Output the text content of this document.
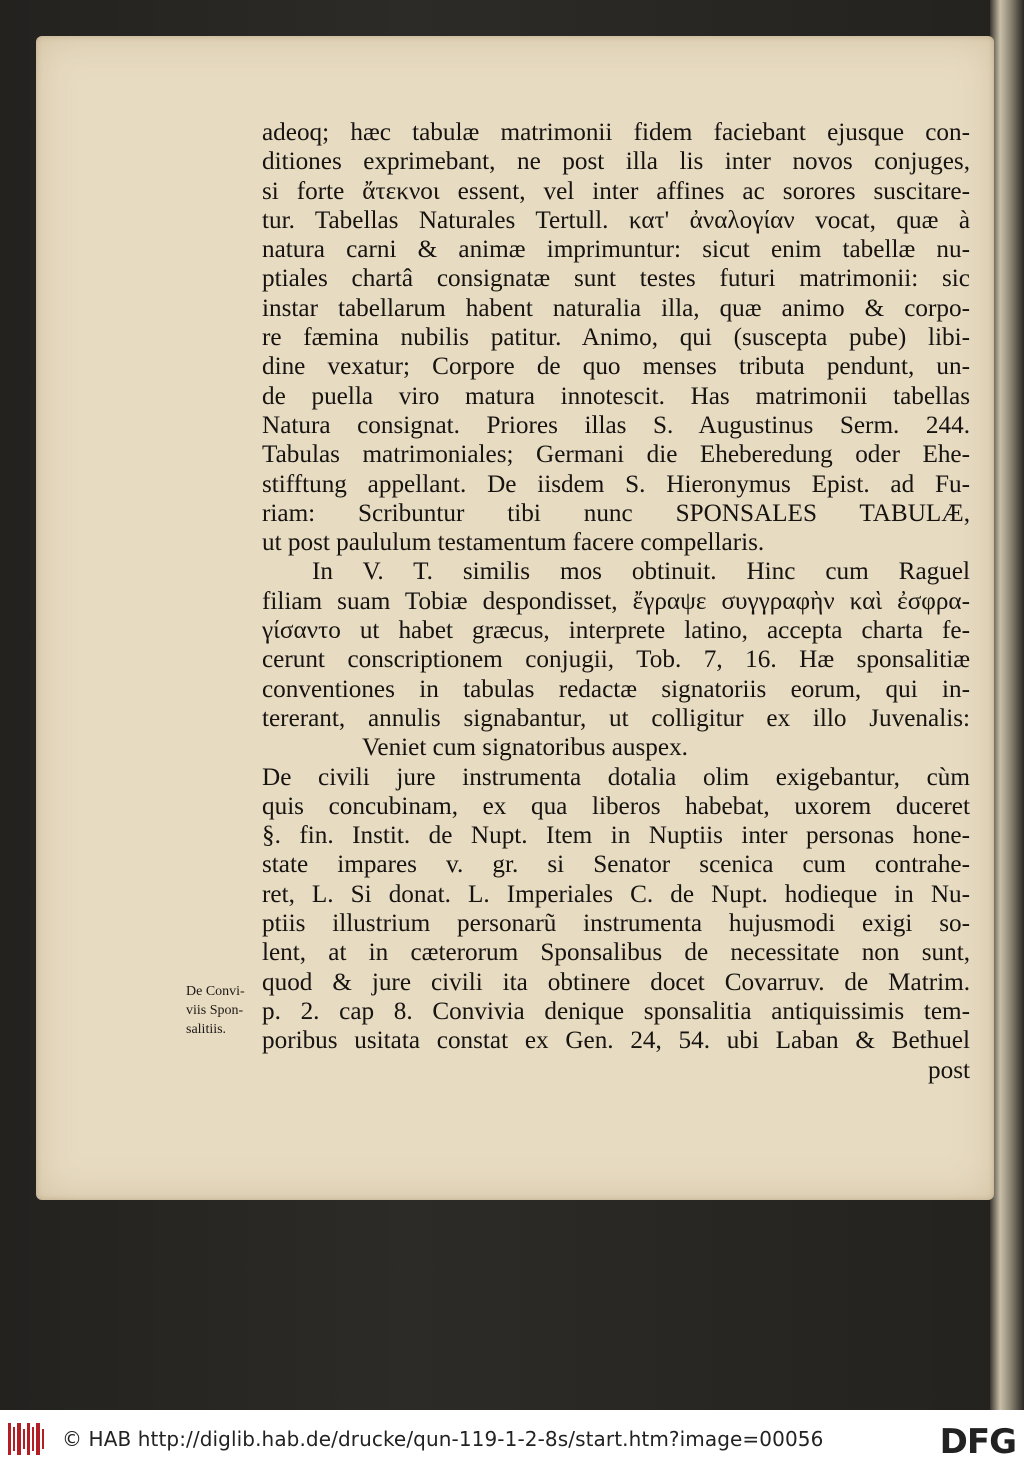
adeoq; hæc tabulæ matrimonii fidem faciebant ejusque con-
ditiones exprimebant, ne post illa lis inter novos conjuges,
si forte ἄτεκνοι essent, vel inter affines ac sorores suscitare-
tur. Tabellas Naturales Tertull. κατ' ἀναλογίαν vocat, quæ à
natura carni & animæ imprimuntur: sicut enim tabellæ nu-
ptiales chartâ consignatæ sunt testes futuri matrimonii: sic
instar tabellarum habent naturalia illa, quæ animo & corpo-
re fæmina nubilis patitur. Animo, qui (suscepta pube) libi-
dine vexatur; Corpore de quo menses tributa pendunt, un-
de puella viro matura innotescit. Has matrimonii tabellas
Natura consignat. Priores illas S. Augustinus Serm. 244.
Tabulas matrimoniales; Germani die Eheberedung oder Ehe-
stifftung appellant. De iisdem S. Hieronymus Epist. ad Fu-
riam: Scribuntur tibi nunc SPONSALES TABULÆ,
ut post paululum testamentum facere compellaris.
In V. T. similis mos obtinuit. Hinc cum Raguel
filiam suam Tobiæ despondisset, ἔγραψε συγγραφὴν καὶ ἐσφρα-
γίσαντο ut habet græcus, interprete latino, accepta charta fe-
cerunt conscriptionem conjugii, Tob. 7, 16. Hæ sponsalitiæ
conventiones in tabulas redactæ signatoriis eorum, qui in-
tererant, annulis signabantur, ut colligitur ex illo Juvenalis:
Veniet cum signatoribus auspex.
De civili jure instrumenta dotalia olim exigebantur, cùm
quis concubinam, ex qua liberos habebat, uxorem duceret
§. fin. Instit. de Nupt. Item in Nuptiis inter personas hone-
state impares v. gr. si Senator scenica cum contrahe-
ret, L. Si donat. L. Imperiales C. de Nupt. hodieque in Nu-
ptiis illustrium personarũ instrumenta hujusmodi exigi so-
lent, at in cæterorum Sponsalibus de necessitate non sunt,
quod & jure civili ita obtinere docet Covarruv. de Matrim.
p. 2. cap 8. Convivia denique sponsalitia antiquissimis tem-
poribus usitata constat ex Gen. 24, 54. ubi Laban & Bethuel
post
De Convi-
viis Spon-
salitiis.
© HAB http://diglib.hab.de/drucke/qun-119-1-2-8s/start.htm?image=00056	DFG
